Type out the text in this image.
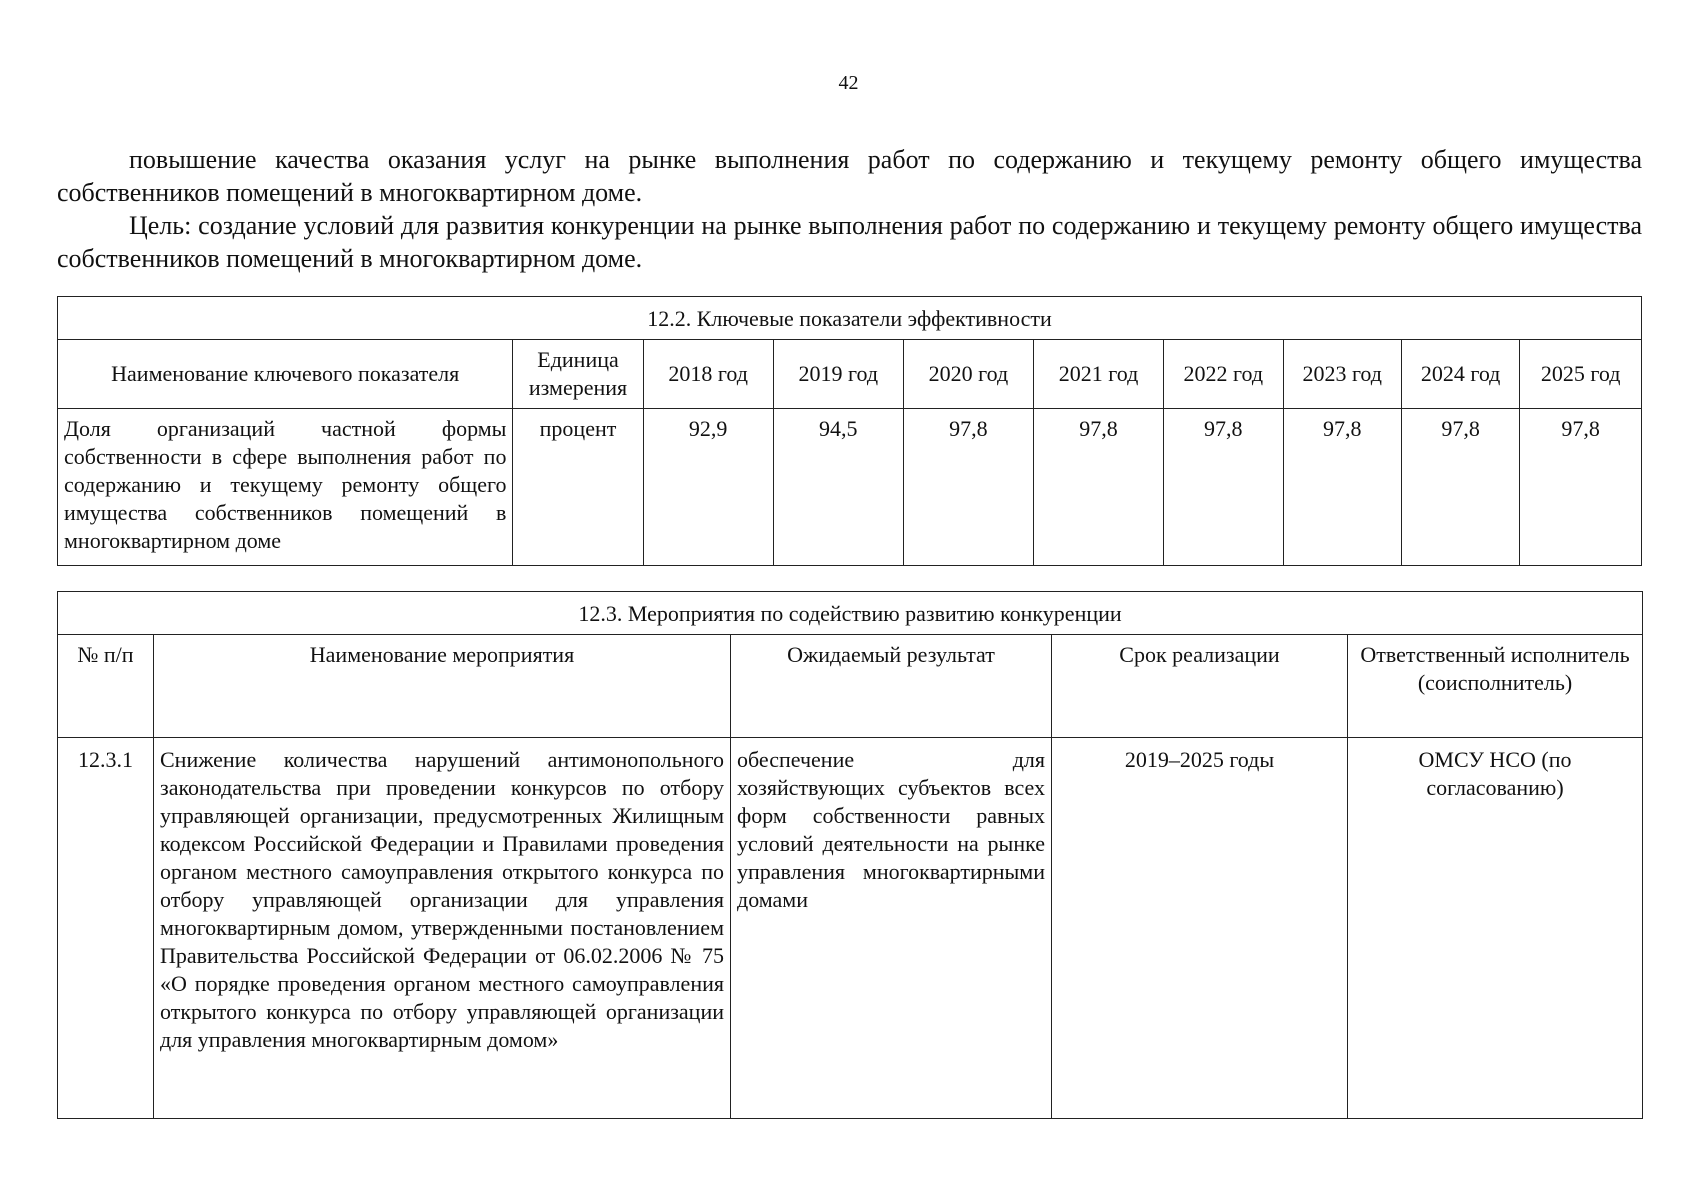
42

повышение качества оказания услуг на рынке выполнения работ по содержанию и текущему ремонту общего имущества собственников помещений в многоквартирном доме.

Цель: создание условий для развития конкуренции на рынке выполнения работ по содержанию и текущему ремонту общего имущества собственников помещений в многоквартирном доме.

12.2. Ключевые показатели эффективности									
Наименование ключевого показателя	Единица измерения	2018 год	2019 год	2020 год	2021 год	2022 год	2023 год	2024 год	2025 год
Доля организаций частной формы собственности в сфере выполнения работ по содержанию и текущему ремонту общего имущества собственников помещений в многоквартирном доме	процент	92,9	94,5	97,8	97,8	97,8	97,8	97,8	97,8
12.3. Мероприятия по содействию развитию конкуренции				
№ п/п	Наименование мероприятия	Ожидаемый результат	Срок реализации	Ответственный исполнитель (соисполнитель)
12.3.1	Снижение количества нарушений антимонопольного законодательства при проведении конкурсов по отбору управляющей организации, предусмотренных Жилищным кодексом Российской Федерации и Правилами проведения органом местного самоуправления открытого конкурса по отбору управляющей организации для управления многоквартирным домом, утвержденными постановлением Правительства Российской Федерации от 06.02.2006 № 75 «О порядке проведения органом местного самоуправления открытого конкурса по отбору управляющей организации для управления многоквартирным домом»	обеспечение для хозяйствующих субъектов всех форм собственности равных условий деятельности на рынке управления многоквартирными домами	2019–2025 годы	ОМСУ НСО (по согласованию)
